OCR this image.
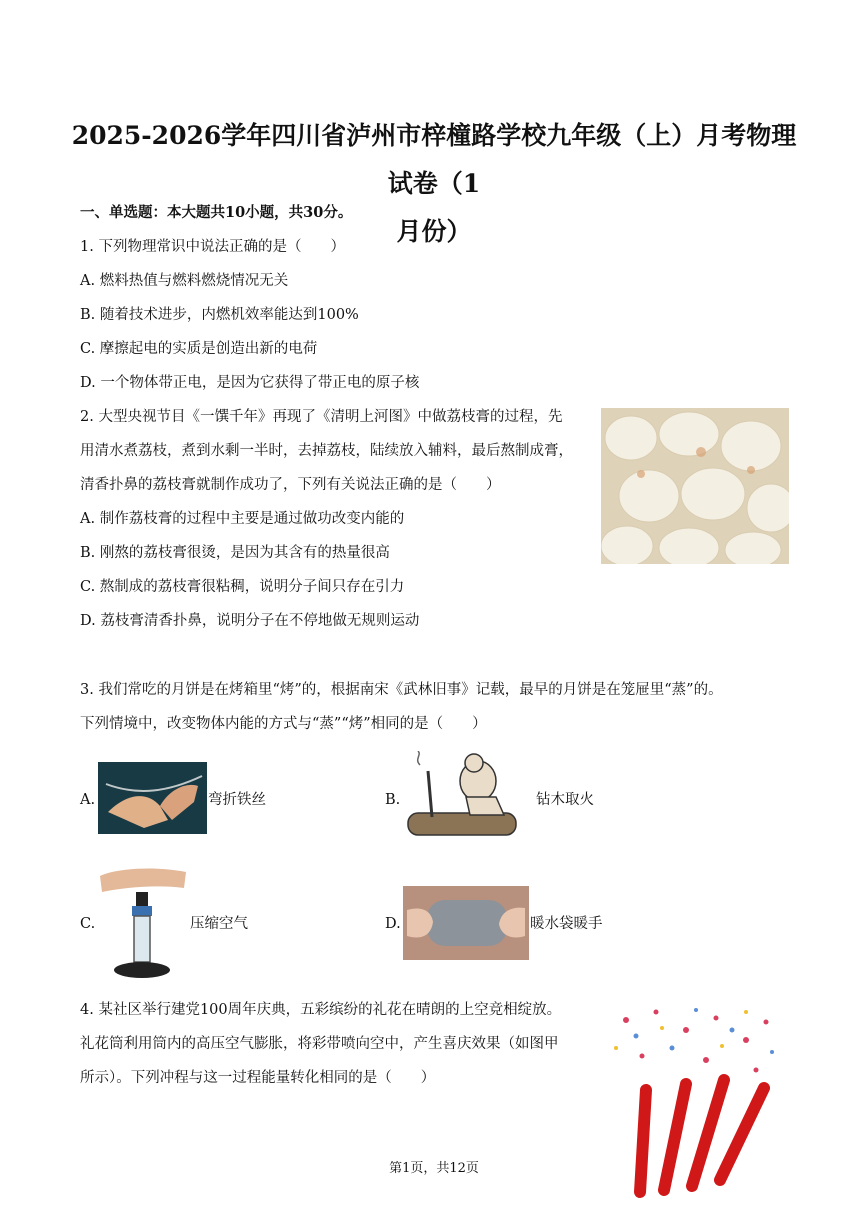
2025-2026学年四川省泸州市梓橦路学校九年级（上）月考物理试卷（1
月份）
一、单选题：本大题共10小题，共30分。
1. 下列物理常识中说法正确的是（　　）
A. 燃料热值与燃料燃烧情况无关
B. 随着技术进步，内燃机效率能达到100%
C. 摩擦起电的实质是创造出新的电荷
D. 一个物体带正电，是因为它获得了带正电的原子核
2. 大型央视节目《一馔千年》再现了《清明上河图》中做荔枝膏的过程，先
用清水煮荔枝，煮到水剩一半时，去掉荔枝，陆续放入辅料，最后熬制成膏，
清香扑鼻的荔枝膏就制作成功了，下列有关说法正确的是（　　）
A. 制作荔枝膏的过程中主要是通过做功改变内能的
B. 刚熬的荔枝膏很烫，是因为其含有的热量很高
C. 熬制成的荔枝膏很粘稠，说明分子间只存在引力
D. 荔枝膏清香扑鼻，说明分子在不停地做无规则运动
3. 我们常吃的月饼是在烤箱里“烤”的，根据南宋《武林旧事》记载，最早的月饼是在笼屉里“蒸”的。
下列情境中，改变物体内能的方式与“蒸”“烤”相同的是（　　）
A.	弯折铁丝	B.	钻木取火
C.	压缩空气	D.	暖水袋暖手
4. 某社区举行建党100周年庆典，五彩缤纷的礼花在晴朗的上空竞相绽放。
礼花筒利用筒内的高压空气膨胀，将彩带喷向空中，产生喜庆效果（如图甲
所示）。下列冲程与这一过程能量转化相同的是（　　）
第1页，共12页
